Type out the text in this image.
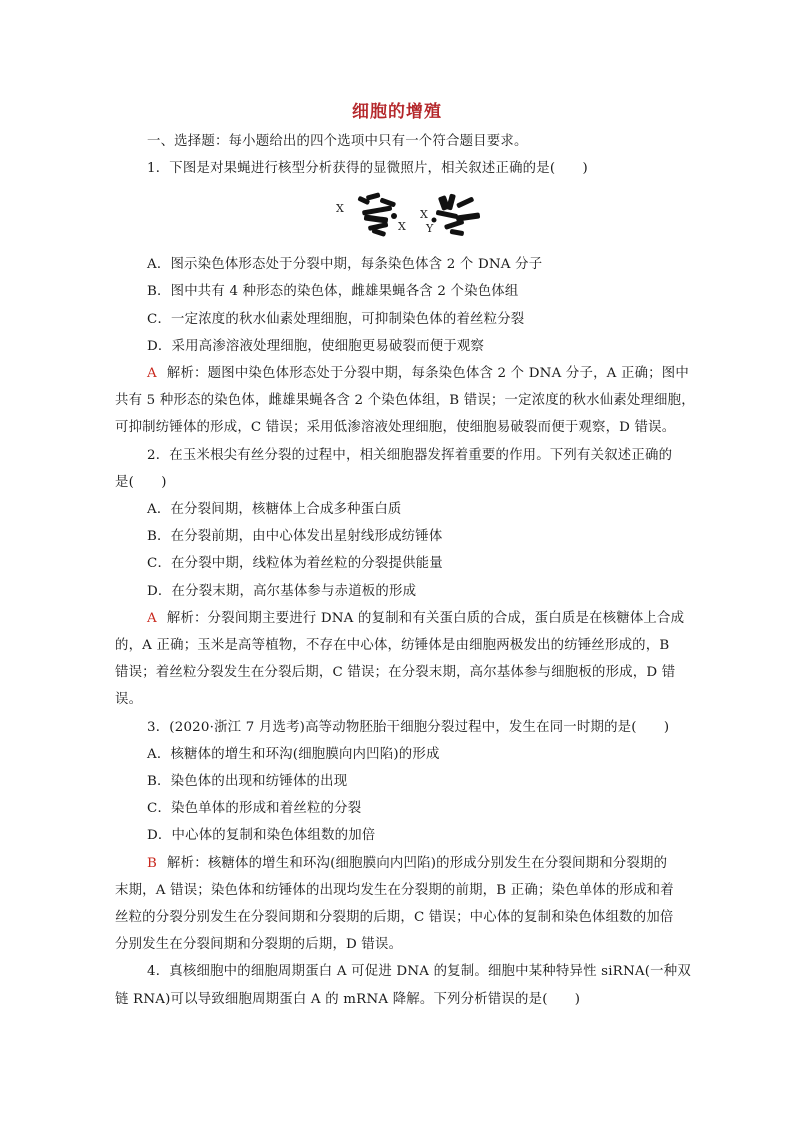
细胞的增殖
一、选择题：每小题给出的四个选项中只有一个符合题目要求。
1．下图是对果蝇进行核型分析获得的显微照片，相关叙述正确的是(　　)
X
X
X
Y
A．图示染色体形态处于分裂中期，每条染色体含 2 个 DNA 分子
B．图中共有 4 种形态的染色体，雌雄果蝇各含 2 个染色体组
C．一定浓度的秋水仙素处理细胞，可抑制染色体的着丝粒分裂
D．采用高渗溶液处理细胞，使细胞更易破裂而便于观察
A 解析：题图中染色体形态处于分裂中期，每条染色体含 2 个 DNA 分子，A 正确；图中
共有 5 种形态的染色体，雌雄果蝇各含 2 个染色体组，B 错误；一定浓度的秋水仙素处理细胞，
可抑制纺锤体的形成，C 错误；采用低渗溶液处理细胞，使细胞易破裂而便于观察，D 错误。
2．在玉米根尖有丝分裂的过程中，相关细胞器发挥着重要的作用。下列有关叙述正确的
是(　　)
A．在分裂间期，核糖体上合成多种蛋白质
B．在分裂前期，由中心体发出星射线形成纺锤体
C．在分裂中期，线粒体为着丝粒的分裂提供能量
D．在分裂末期，高尔基体参与赤道板的形成
A 解析：分裂间期主要进行 DNA 的复制和有关蛋白质的合成，蛋白质是在核糖体上合成
的，A 正确；玉米是高等植物，不存在中心体，纺锤体是由细胞两极发出的纺锤丝形成的，B
错误；着丝粒分裂发生在分裂后期，C 错误；在分裂末期，高尔基体参与细胞板的形成，D 错
误。
3．(2020·浙江 7 月选考)高等动物胚胎干细胞分裂过程中，发生在同一时期的是(　　)
A．核糖体的增生和环沟(细胞膜向内凹陷)的形成
B．染色体的出现和纺锤体的出现
C．染色单体的形成和着丝粒的分裂
D．中心体的复制和染色体组数的加倍
B 解析：核糖体的增生和环沟(细胞膜向内凹陷)的形成分别发生在分裂间期和分裂期的
末期，A 错误；染色体和纺锤体的出现均发生在分裂期的前期，B 正确；染色单体的形成和着
丝粒的分裂分别发生在分裂间期和分裂期的后期，C 错误；中心体的复制和染色体组数的加倍
分别发生在分裂间期和分裂期的后期，D 错误。
4．真核细胞中的细胞周期蛋白 A 可促进 DNA 的复制。细胞中某种特异性 siRNA(一种双
链 RNA)可以导致细胞周期蛋白 A 的 mRNA 降解。下列分析错误的是(　　)
